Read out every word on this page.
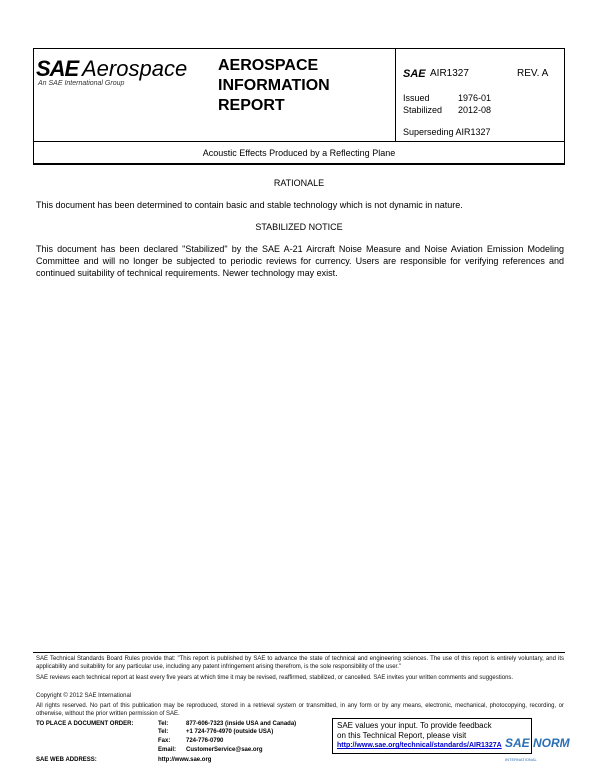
SAE Aerospace
An SAE International Group
AEROSPACE
INFORMATION
REPORT
SAE AIR1327	REV. A
Issued	1976-01
Stabilized 2012-08
Superseding AIR1327
Acoustic Effects Produced by a Reflecting Plane
RATIONALE
This document has been determined to contain basic and stable technology which is not dynamic in nature.
STABILIZED NOTICE
This document has been declared "Stabilized" by the SAE A-21 Aircraft Noise Measure and Noise Aviation Emission Modeling Committee and will no longer be subjected to periodic reviews for currency. Users are responsible for verifying references and continued suitability of technical requirements. Newer technology may exist.
SAE Technical Standards Board Rules provide that: "This report is published by SAE to advance the state of technical and engineering sciences. The use of this report is entirely voluntary, and its applicability and suitability for any particular use, including any patent infringement arising therefrom, is the sole responsibility of the user."
SAE reviews each technical report at least every five years at which time it may be revised, reaffirmed, stabilized, or cancelled. SAE invites your written comments and suggestions.
Copyright © 2012 SAE International
All rights reserved. No part of this publication may be reproduced, stored in a retrieval system or transmitted, in any form or by any means, electronic, mechanical, photocopying, recording, or otherwise, without the prior written permission of SAE.
TO PLACE A DOCUMENT ORDER:	Tel:	877-606-7323 (inside USA and Canada)
Tel:	+1 724-776-4970 (outside USA)
Fax:	724-776-0790
Email: CustomerService@sae.org
SAE WEB ADDRESS:	http://www.sae.org
SAE values your input. To provide feedback
on this Technical Report, please visit
http://www.sae.org/technical/standards/AIR1327A SAE NORM
INTERNATIONAL
